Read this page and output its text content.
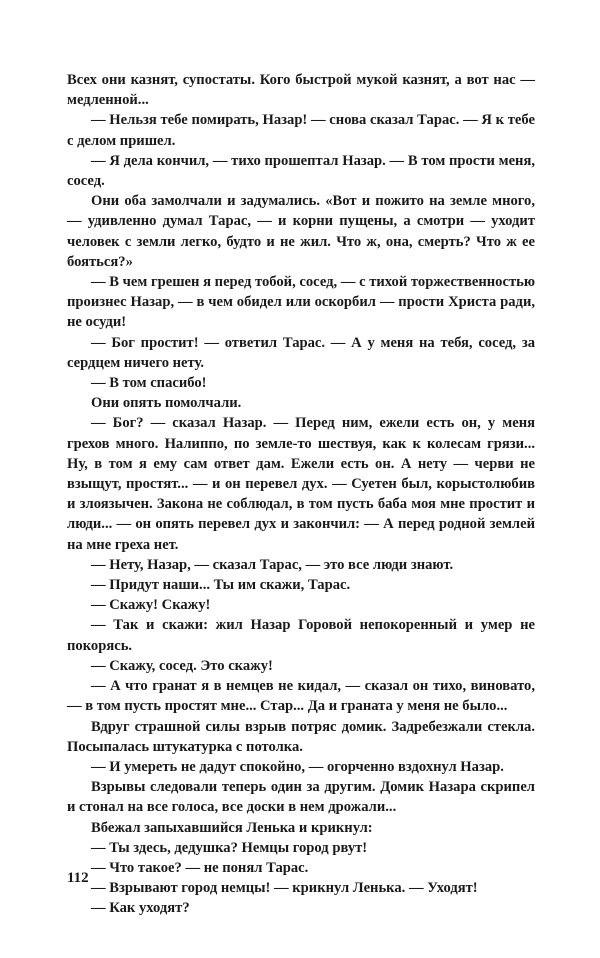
Всех они казнят, супостаты. Кого быстрой мукой казнят, а вот нас — медленной...

— Нельзя тебе помирать, Назар! — снова сказал Тарас. — Я к тебе с делом пришел.

— Я дела кончил, — тихо прошептал Назар. — В том прости меня, сосед.

Они оба замолчали и задумались. «Вот и пожито на земле много, — удивленно думал Тарас, — и корни пущены, а смотри — уходит человек с земли легко, будто и не жил. Что ж, она, смерть? Что ж ее бояться?»

— В чем грешен я перед тобой, сосед, — с тихой торжественностью произнес Назар, — в чем обидел или оскорбил — прости Христа ради, не осуди!

— Бог простит! — ответил Тарас. — А у меня на тебя, сосед, за сердцем ничего нету.

— В том спасибо!

Они опять помолчали.

— Бог? — сказал Назар. — Перед ним, ежели есть он, у меня грехов много. Налиппо, по земле-то шествуя, как к колесам грязи... Ну, в том я ему сам ответ дам. Ежели есть он. А нету — черви не взыщут, простят... — и он перевел дух. — Суетен был, корыстолюбив и злоязычен. Закона не соблюдал, в том пусть баба моя мне простит и люди... — он опять перевел дух и закончил: — А перед родной землей на мне греха нет.

— Нету, Назар, — сказал Тарас, — это все люди знают.

— Придут наши... Ты им скажи, Тарас.

— Скажу! Скажу!

— Так и скажи: жил Назар Горовой непокоренный и умер не покорясь.

— Скажу, сосед. Это скажу!

— А что гранат я в немцев не кидал, — сказал он тихо, виновато, — в том пусть простят мне... Стар... Да и граната у меня не было...

Вдруг страшной силы взрыв потряс домик. Задребезжали стекла. Посыпалась штукатурка с потолка.

— И умереть не дадут спокойно, — огорченно вздохнул Назар.

Взрывы следовали теперь один за другим. Домик Назара скрипел и стонал на все голоса, все доски в нем дрожали...

Вбежал запыхавшийся Ленька и крикнул:

— Ты здесь, дедушка? Немцы город рвут!

— Что такое? — не понял Тарас.

— Взрывают город немцы! — крикнул Ленька. — Уходят!

— Как уходят?

112
